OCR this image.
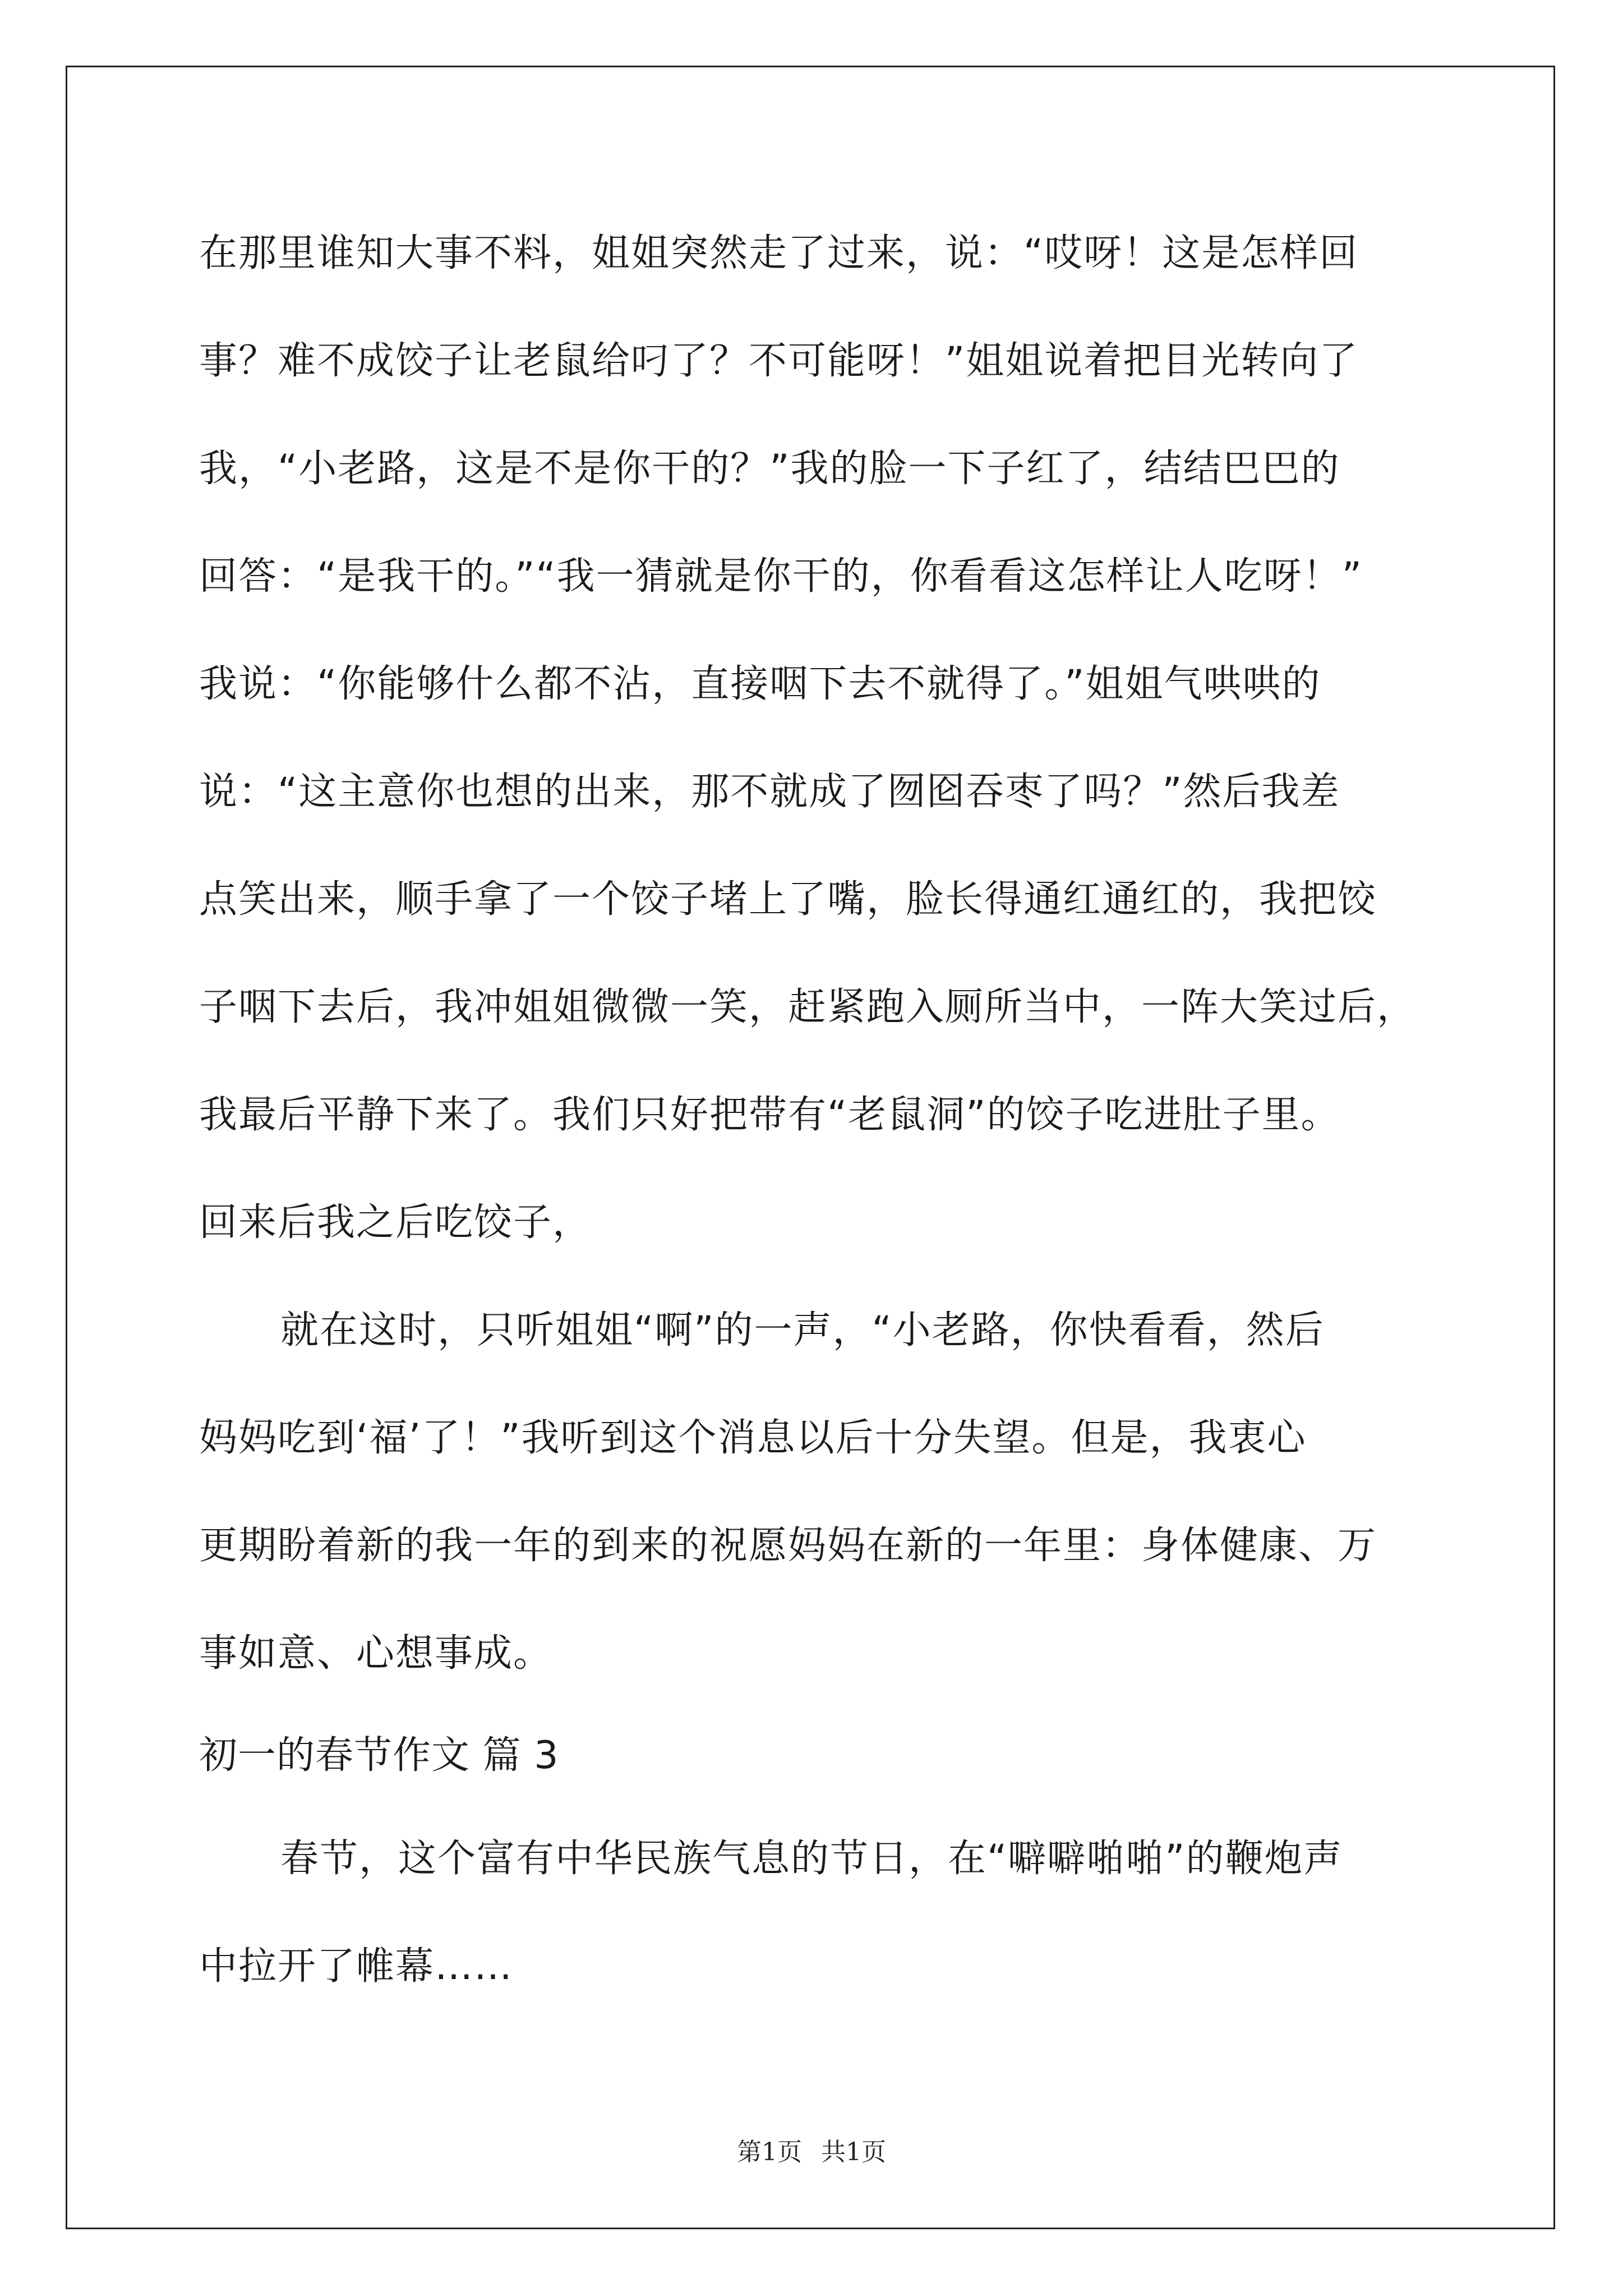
在那里谁知大事不料，姐姐突然走了过来，说：“哎呀！这是怎样回
事？难不成饺子让老鼠给叼了？不可能呀！”姐姐说着把目光转向了
我，“小老路，这是不是你干的？”我的脸一下子红了，结结巴巴的
回答：“是我干的。”“我一猜就是你干的，你看看这怎样让人吃呀！”
我说：“你能够什么都不沾，直接咽下去不就得了。”姐姐气哄哄的
说：“这主意你也想的出来，那不就成了囫囵吞枣了吗？”然后我差
点笑出来，顺手拿了一个饺子堵上了嘴，脸长得通红通红的，我把饺
子咽下去后，我冲姐姐微微一笑，赶紧跑入厕所当中，一阵大笑过后，
我最后平静下来了。我们只好把带有“老鼠洞”的饺子吃进肚子里。
回来后我之后吃饺子，
就在这时，只听姐姐“啊”的一声，“小老路，你快看看，然后
妈妈吃到‘福’了！”我听到这个消息以后十分失望。但是，我衷心
更期盼着新的我一年的到来的祝愿妈妈在新的一年里：身体健康、万
事如意、心想事成。
初一的春节作文 篇 3
春节，这个富有中华民族气息的节日，在“噼噼啪啪”的鞭炮声
中拉开了帷幕……
第1页 共1页
